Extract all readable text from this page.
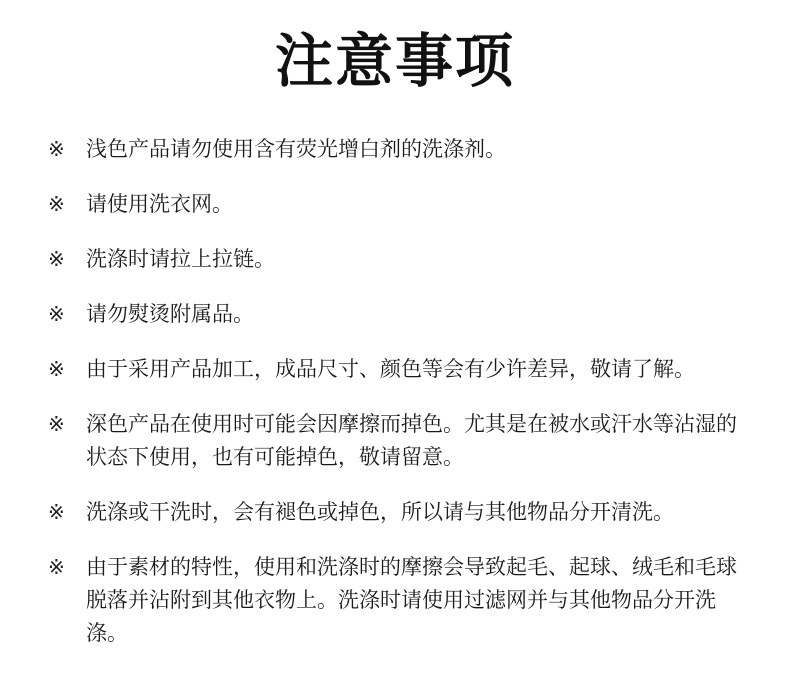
注意事项
※	浅色产品请勿使用含有荧光增白剂的洗涤剂。
※	请使用洗衣网。
※	洗涤时请拉上拉链。
※	请勿熨烫附属品。
※	由于采用产品加工，成品尺寸、颜色等会有少许差异，敬请了解。
※	深色产品在使用时可能会因摩擦而掉色。尤其是在被水或汗水等沾湿的状态下使用，也有可能掉色，敬请留意。
※	洗涤或干洗时，会有褪色或掉色，所以请与其他物品分开清洗。
※	由于素材的特性，使用和洗涤时的摩擦会导致起毛、起球、绒毛和毛球脱落并沾附到其他衣物上。洗涤时请使用过滤网并与其他物品分开洗涤。
